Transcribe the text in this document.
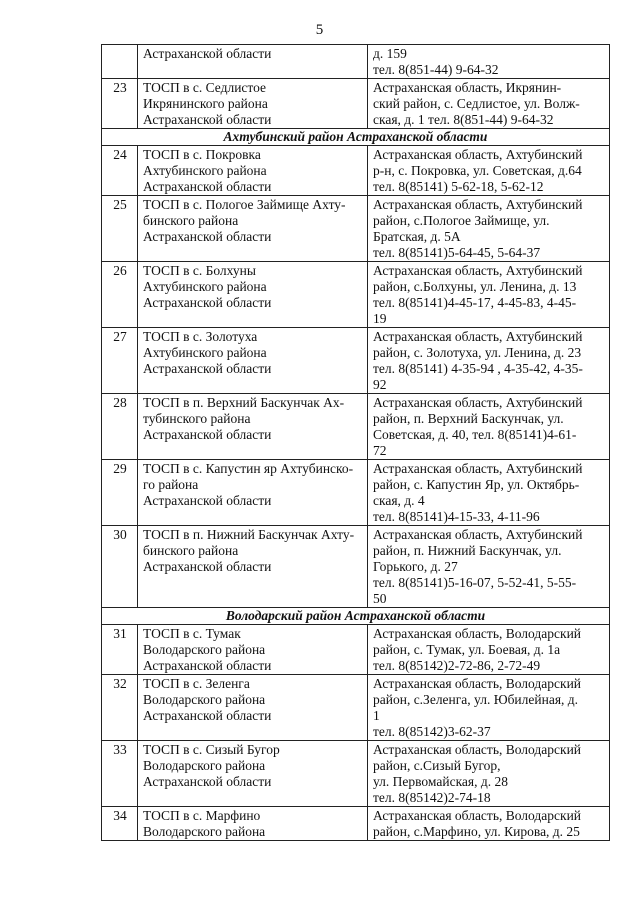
5
	Астраханской области	д. 159
тел. 8(851-44) 9-64-32
23	ТОСП в с. Седлистое
Икрянинского района
Астраханской области	Астраханская область, Икрянин-
ский район, с. Седлистое, ул. Волж-
ская, д. 1 тел. 8(851-44) 9-64-32
Ахтубинский район Астраханской области		
24	ТОСП в с. Покровка
Ахтубинского района
Астраханской области	Астраханская область, Ахтубинский
р-н, с. Покровка, ул. Советская, д.64
тел. 8(85141) 5-62-18, 5-62-12
25	ТОСП в с. Пологое Займище Ахту-
бинского района
Астраханской области	Астраханская область, Ахтубинский
район, с.Пологое Займище, ул.
Братская, д. 5А
тел. 8(85141)5-64-45, 5-64-37
26	ТОСП в с. Болхуны
Ахтубинского района
Астраханской области	Астраханская область, Ахтубинский
район, с.Болхуны, ул. Ленина, д. 13
тел. 8(85141)4-45-17, 4-45-83, 4-45-
19
27	ТОСП в с. Золотуха
Ахтубинского района
Астраханской области	Астраханская область, Ахтубинский
район, с. Золотуха, ул. Ленина, д. 23
тел. 8(85141) 4-35-94 , 4-35-42, 4-35-
92
28	ТОСП в п. Верхний Баскунчак Ах-
тубинского района
Астраханской области	Астраханская область, Ахтубинский
район, п. Верхний Баскунчак, ул.
Советская, д. 40, тел. 8(85141)4-61-
72
29	ТОСП в с. Капустин яр Ахтубинско-
го района
Астраханской области	Астраханская область, Ахтубинский
район, с. Капустин Яр, ул. Октябрь-
ская, д. 4
тел. 8(85141)4-15-33, 4-11-96
30	ТОСП в п. Нижний Баскунчак Ахту-
бинского района
Астраханской области	Астраханская область, Ахтубинский
район, п. Нижний Баскунчак, ул.
Горького, д. 27
тел. 8(85141)5-16-07, 5-52-41, 5-55-
50
Володарский район Астраханской области		
31	ТОСП в с. Тумак
Володарского района
Астраханской области	Астраханская область, Володарский
район, с. Тумак, ул. Боевая, д. 1а
тел. 8(85142)2-72-86, 2-72-49
32	ТОСП в с. Зеленга
Володарского района
Астраханской области	Астраханская область, Володарский
район, с.Зеленга, ул. Юбилейная, д.
1
тел. 8(85142)3-62-37
33	ТОСП в с. Сизый Бугор
Володарского района
Астраханской области	Астраханская область, Володарский
район, с.Сизый Бугор,
ул. Первомайская, д. 28
тел. 8(85142)2-74-18
34	ТОСП в с. Марфино
Володарского района	Астраханская область, Володарский
район, с.Марфино, ул. Кирова, д. 25
